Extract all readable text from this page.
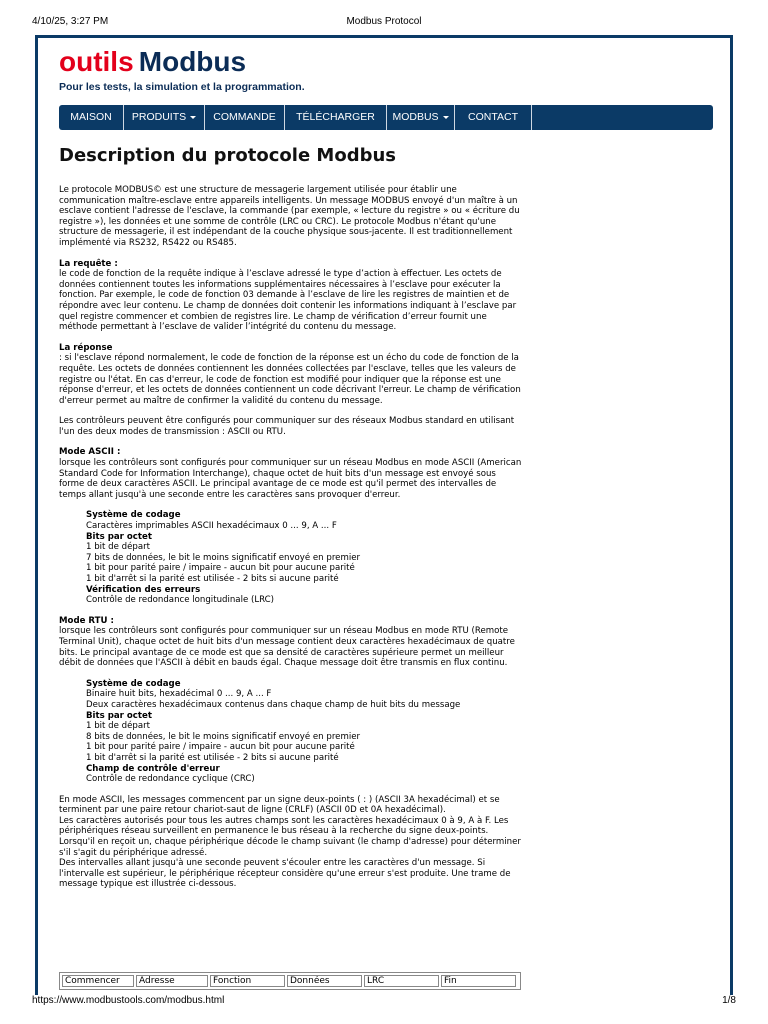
4/10/25, 3:27 PM	Modbus Protocol
outils Modbus
Pour les tests, la simulation et la programmation.
MAISON	PRODUITS	COMMANDE	TÉLÉCHARGER	MODBUS	CONTACT
Description du protocole Modbus

Le protocole MODBUS© est une structure de messagerie largement utilisée pour établir une communication maître-esclave entre appareils intelligents. Un message MODBUS envoyé d'un maître à un esclave contient l'adresse de l'esclave, la commande (par exemple, « lecture du registre » ou « écriture du registre »), les données et une somme de contrôle (LRC ou CRC). Le protocole Modbus n'étant qu'une structure de messagerie, il est indépendant de la couche physique sous-jacente. Il est traditionnellement implémenté via RS232, RS422 ou RS485.

La requête :
le code de fonction de la requête indique à l’esclave adressé le type d’action à effectuer. Les octets de données contiennent toutes les informations supplémentaires nécessaires à l’esclave pour exécuter la fonction. Par exemple, le code de fonction 03 demande à l’esclave de lire les registres de maintien et de répondre avec leur contenu. Le champ de données doit contenir les informations indiquant à l’esclave par quel registre commencer et combien de registres lire. Le champ de vérification d’erreur fournit une méthode permettant à l’esclave de valider l’intégrité du contenu du message.

La réponse
: si l'esclave répond normalement, le code de fonction de la réponse est un écho du code de fonction de la requête. Les octets de données contiennent les données collectées par l'esclave, telles que les valeurs de registre ou l'état. En cas d'erreur, le code de fonction est modifié pour indiquer que la réponse est une réponse d'erreur, et les octets de données contiennent un code décrivant l'erreur. Le champ de vérification d'erreur permet au maître de confirmer la validité du contenu du message.

Les contrôleurs peuvent être configurés pour communiquer sur des réseaux Modbus standard en utilisant l'un des deux modes de transmission : ASCII ou RTU.

Mode ASCII :
lorsque les contrôleurs sont configurés pour communiquer sur un réseau Modbus en mode ASCII (American Standard Code for Information Interchange), chaque octet de huit bits d'un message est envoyé sous forme de deux caractères ASCII. Le principal avantage de ce mode est qu'il permet des intervalles de temps allant jusqu'à une seconde entre les caractères sans provoquer d'erreur.

Système de codage
Caractères imprimables ASCII hexadécimaux 0 ... 9, A ... F
Bits par octet
1 bit de départ
7 bits de données, le bit le moins significatif envoyé en premier
1 bit pour parité paire / impaire - aucun bit pour aucune parité
1 bit d'arrêt si la parité est utilisée - 2 bits si aucune parité
Vérification des erreurs
Contrôle de redondance longitudinale (LRC)

Mode RTU :
lorsque les contrôleurs sont configurés pour communiquer sur un réseau Modbus en mode RTU (Remote Terminal Unit), chaque octet de huit bits d'un message contient deux caractères hexadécimaux de quatre bits. Le principal avantage de ce mode est que sa densité de caractères supérieure permet un meilleur débit de données que l'ASCII à débit en bauds égal. Chaque message doit être transmis en flux continu.

Système de codage
Binaire huit bits, hexadécimal 0 ... 9, A ... F
Deux caractères hexadécimaux contenus dans chaque champ de huit bits du message
Bits par octet
1 bit de départ
8 bits de données, le bit le moins significatif envoyé en premier
1 bit pour parité paire / impaire - aucun bit pour aucune parité
1 bit d'arrêt si la parité est utilisée - 2 bits si aucune parité
Champ de contrôle d'erreur
Contrôle de redondance cyclique (CRC)

En mode ASCII, les messages commencent par un signe deux-points ( : ) (ASCII 3A hexadécimal) et se terminent par une paire retour chariot-saut de ligne (CRLF) (ASCII 0D et 0A hexadécimal).

Les caractères autorisés pour tous les autres champs sont les caractères hexadécimaux 0 à 9, A à F. Les périphériques réseau surveillent en permanence le bus réseau à la recherche du signe deux-points. Lorsqu'il en reçoit un, chaque périphérique décode le champ suivant (le champ d'adresse) pour déterminer s'il s'agit du périphérique adressé.

Des intervalles allant jusqu'à une seconde peuvent s'écouler entre les caractères d'un message. Si l'intervalle est supérieur, le périphérique récepteur considère qu'une erreur s'est produite. Une trame de message typique est illustrée ci-dessous.

Commencer	Adresse	Fonction	Données	LRC	Fin
https://www.modbustools.com/modbus.html	1/8
